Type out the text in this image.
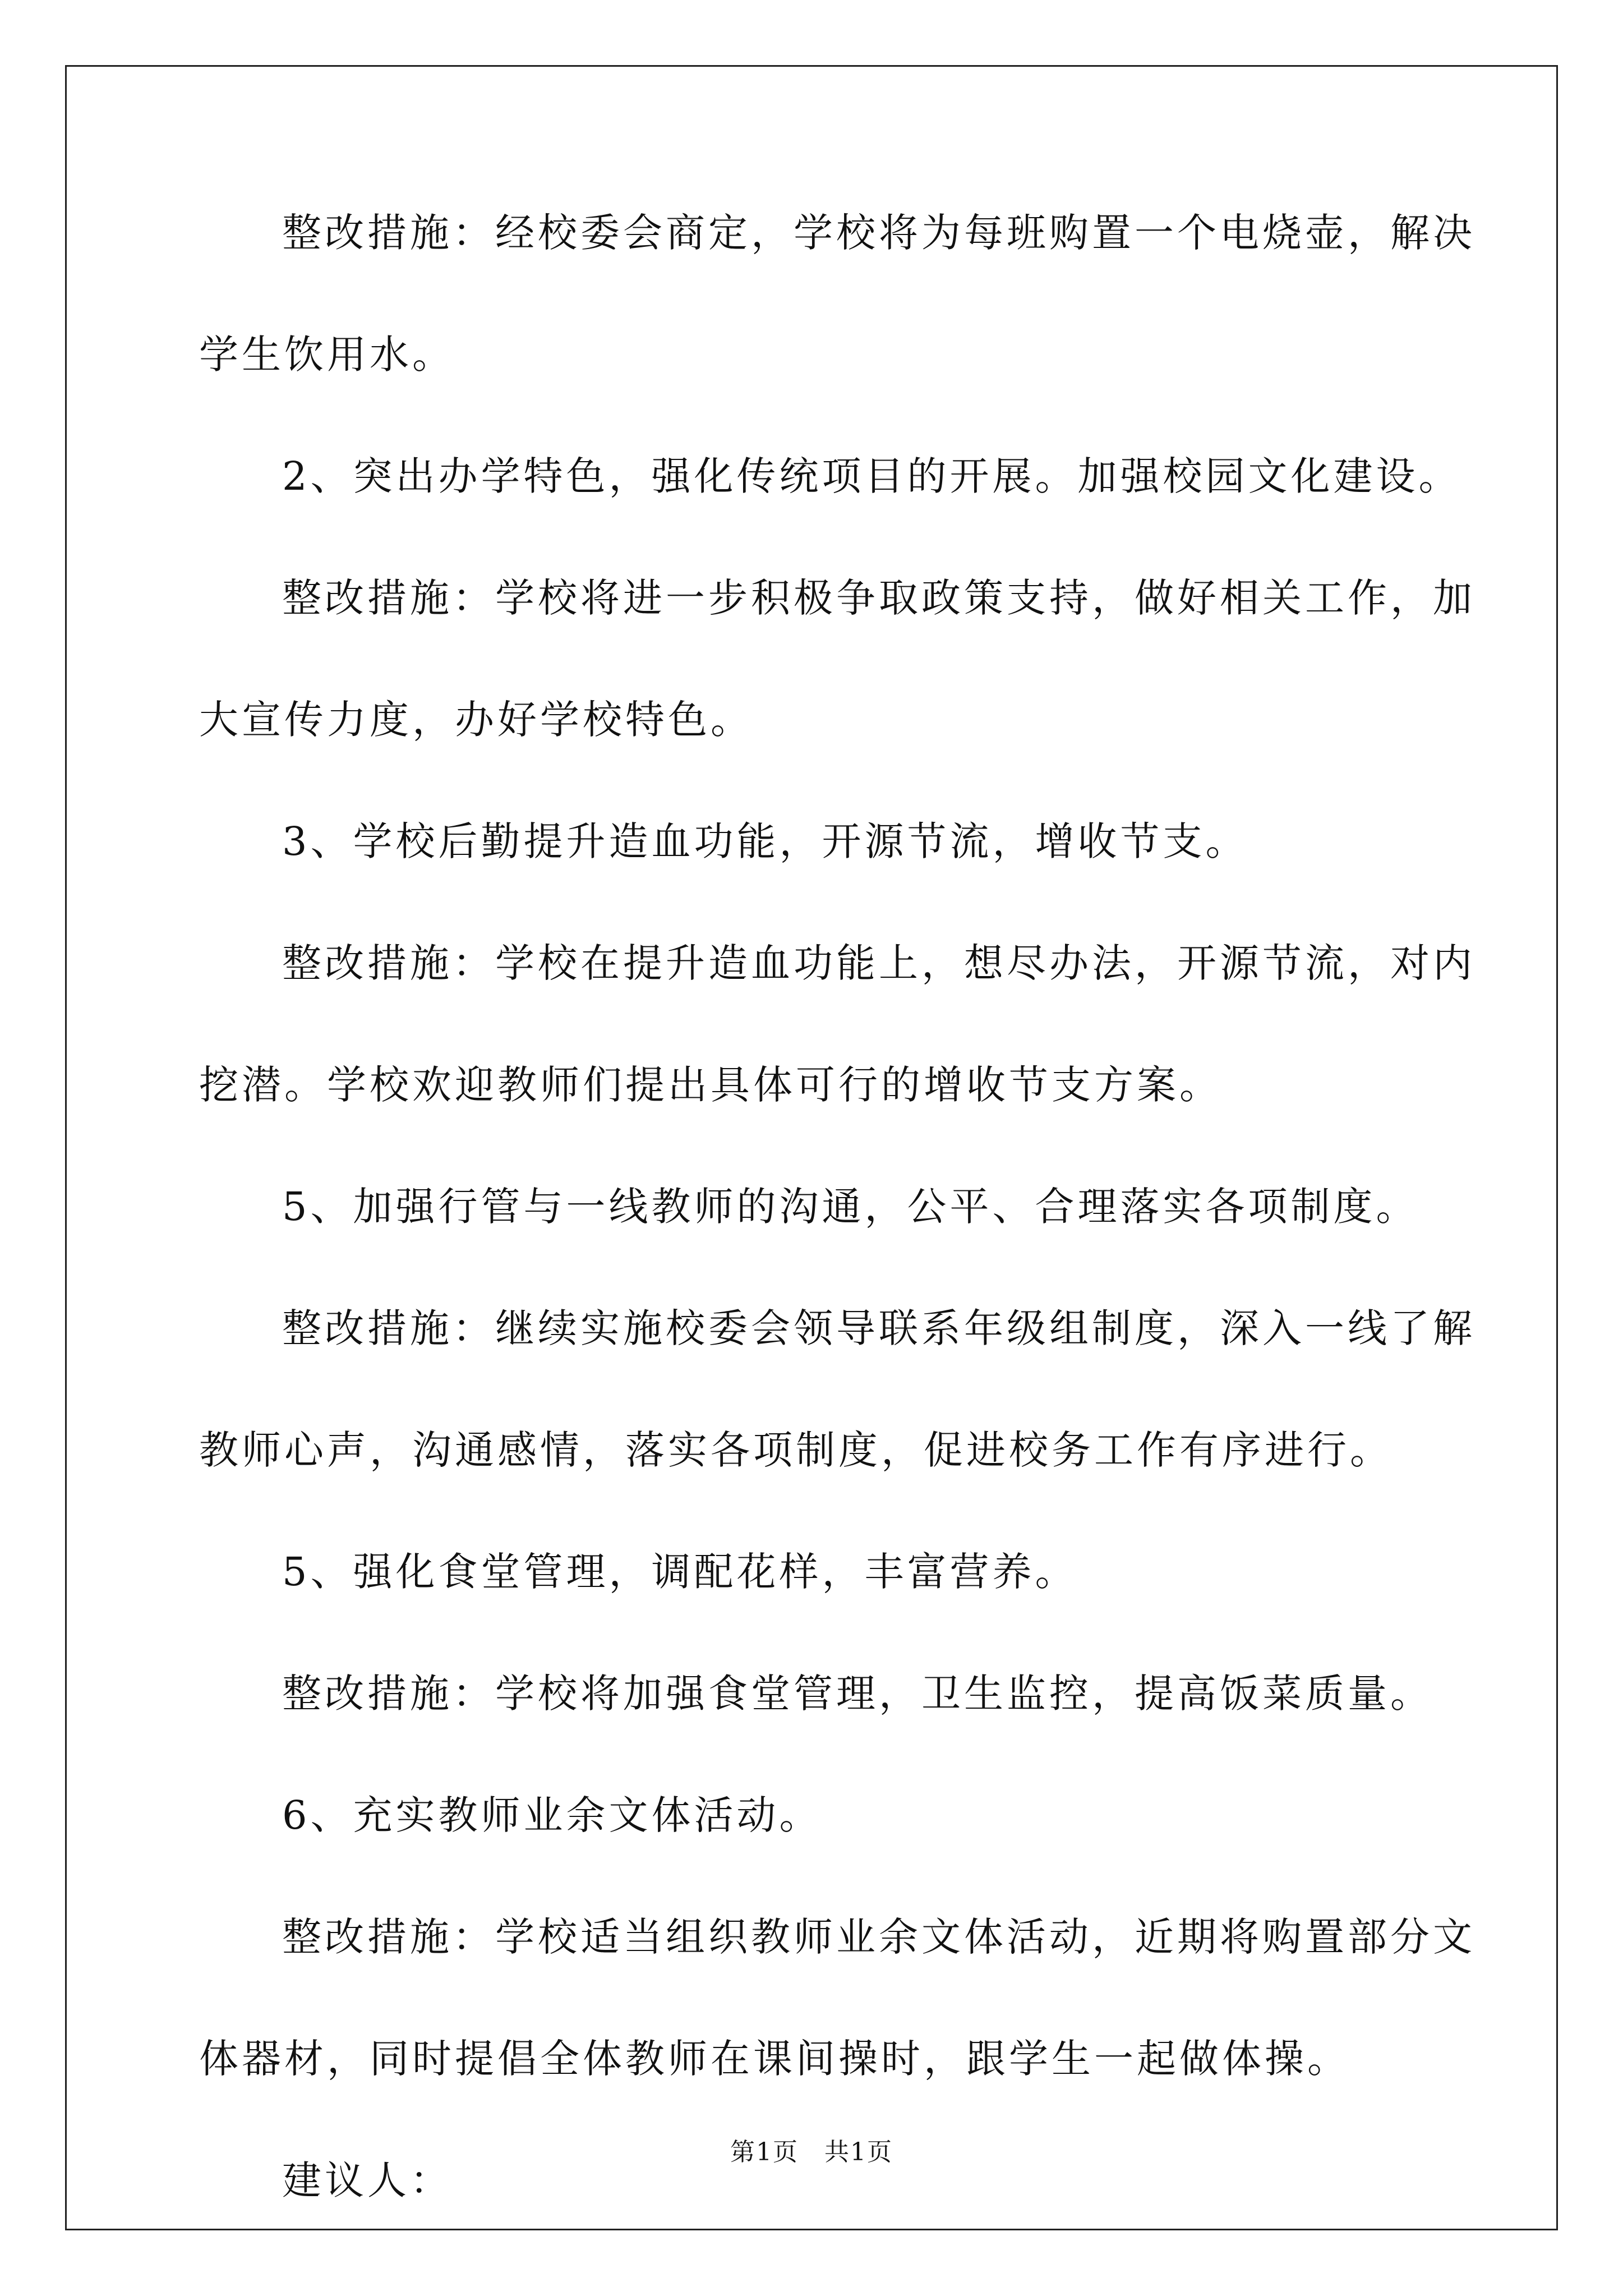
整改措施：经校委会商定，学校将为每班购置一个电烧壶，解决

学生饮用水。

2、突出办学特色，强化传统项目的开展。加强校园文化建设。

整改措施：学校将进一步积极争取政策支持，做好相关工作，加

大宣传力度，办好学校特色。

3、学校后勤提升造血功能，开源节流，增收节支。

整改措施：学校在提升造血功能上，想尽办法，开源节流，对内

挖潜。学校欢迎教师们提出具体可行的增收节支方案。

5、加强行管与一线教师的沟通，公平、合理落实各项制度。

整改措施：继续实施校委会领导联系年级组制度，深入一线了解

教师心声，沟通感情，落实各项制度，促进校务工作有序进行。

5、强化食堂管理，调配花样，丰富营养。

整改措施：学校将加强食堂管理，卫生监控，提高饭菜质量。

6、充实教师业余文体活动。

整改措施：学校适当组织教师业余文体活动，近期将购置部分文

体器材，同时提倡全体教师在课间操时，跟学生一起做体操。

建议人：

第1页　共1页
